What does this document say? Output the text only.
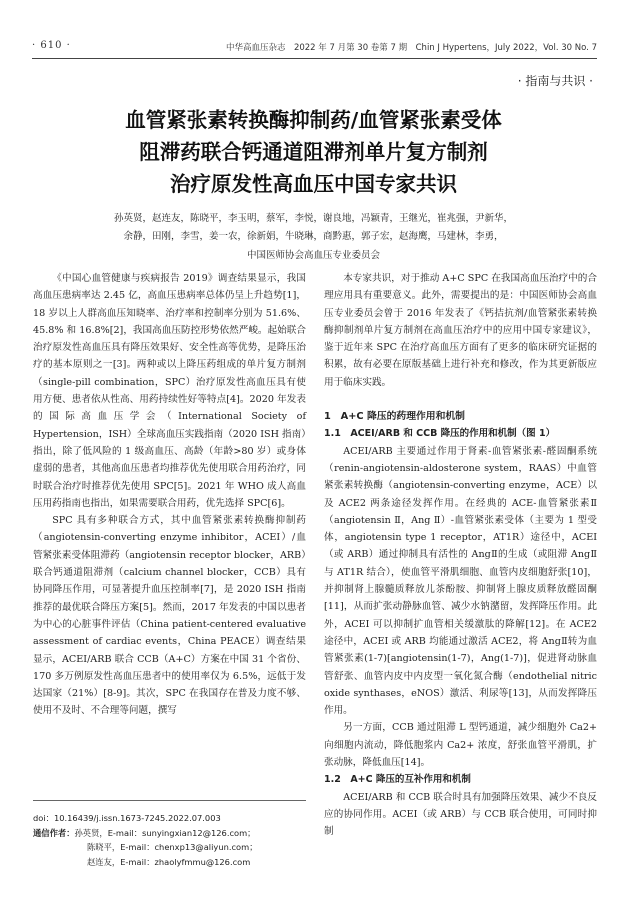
· 610 ·	中华高血压杂志　2022 年 7 月第 30 卷第 7 期　Chin J Hypertens，July 2022，Vol. 30 No. 7
· 指南与共识 ·
血管紧张素转换酶抑制药/血管紧张素受体
阻滞药联合钙通道阻滞剂单片复方制剂
治疗原发性高血压中国专家共识
孙英贤，赵连友，陈晓平，李玉明，蔡军，李悦，谢良地，冯颖青，王继光，崔兆强，尹新华，
余静，田刚，李雪，姜一农，徐新娟，牛晓琳，商黔惠，郭子宏，赵海鹰，马建林，李勇，
中国医师协会高血压专业委员会

《中国心血管健康与疾病报告 2019》调查结果显示，我国高血压患病率达 2.45 亿，高血压患病率总体仍呈上升趋势[1]，18 岁以上人群高血压知晓率、治疗率和控制率分别为 51.6%、45.8% 和 16.8%[2]，我国高血压防控形势依然严峻。起始联合治疗原发性高血压具有降压效果好、安全性高等优势，是降压治疗的基本原则之一[3]。两种或以上降压药组成的单片复方制剂（single-pill combination，SPC）治疗原发性高血压具有使用方便、患者依从性高、用药持续性好等特点[4]。2020 年发表的国际高血压学会（International Society of Hypertension，ISH）全球高血压实践指南（2020 ISH 指南）指出，除了低风险的 1 级高血压、高龄（年龄>80 岁）或身体虚弱的患者，其他高血压患者均推荐优先使用联合用药治疗，同时联合治疗时推荐优先使用 SPC[5]。2021 年 WHO 成人高血压用药指南也指出，如果需要联合用药，优先选择 SPC[6]。

SPC 具有多种联合方式，其中血管紧张素转换酶抑制药（angiotensin-converting enzyme inhibitor，ACEI）/血管紧张素受体阻滞药（angiotensin receptor blocker，ARB）联合钙通道阻滞剂（calcium channel blocker，CCB）具有协同降压作用，可显著提升血压控制率[7]，是 2020 ISH 指南推荐的最优联合降压方案[5]。然而，2017 年发表的中国以患者为中心的心脏事件评估（China patient-centered evaluative assessment of cardiac events，China PEACE）调查结果显示，ACEI/ARB 联合 CCB（A+C）方案在中国 31 个省份、170 多万例原发性高血压患者中的使用率仅为 6.5%，远低于发达国家（21%）[8-9]。其次，SPC 在我国存在普及力度不够、使用不及时、不合理等问题，撰写

本专家共识，对于推动 A+C SPC 在我国高血压治疗中的合理应用具有重要意义。此外，需要提出的是：中国医师协会高血压专业委员会曾于 2016 年发表了《钙拮抗剂/血管紧张素转换酶抑制剂单片复方制剂在高血压治疗中的应用中国专家建议》，鉴于近年来 SPC 在治疗高血压方面有了更多的临床研究证据的积累，故有必要在原版基础上进行补充和修改，作为其更新版应用于临床实践。

1　A+C 降压的药理作用和机制
1.1　ACEI/ARB 和 CCB 降压的作用和机制（图 1）

ACEI/ARB 主要通过作用于肾素-血管紧张素-醛固酮系统（renin-angiotensin-aldosterone system，RAAS）中血管紧张素转换酶（angiotensin-converting enzyme，ACE）以及 ACE2 两条途径发挥作用。在经典的 ACE-血管紧张素Ⅱ（angiotensin Ⅱ，Ang Ⅱ）-血管紧张素受体（主要为 1 型受体，angiotensin type 1 receptor，AT1R）途径中，ACEI（或 ARB）通过抑制具有活性的 AngⅡ的生成（或阻滞 AngⅡ与 AT1R 结合），使血管平滑肌细胞、血管内皮细胞舒张[10]，并抑制肾上腺髓质释放儿茶酚胺、抑制肾上腺皮质释放醛固酮[11]，从而扩张动静脉血管、减少水钠潴留，发挥降压作用。此外，ACEI 可以抑制扩血管相关缓激肽的降解[12]。在 ACE2 途径中，ACEI 或 ARB 均能通过激活 ACE2，将 AngⅡ转为血管紧张素(1-7)[angiotensin(1-7)，Ang(1-7)]，促进肾动脉血管舒张、血管内皮中内皮型一氧化氮合酶（endothelial nitric oxide synthases，eNOS）激活、利尿等[13]，从而发挥降压作用。

另一方面，CCB 通过阻滞 L 型钙通道，减少细胞外 Ca2+ 向细胞内流动，降低胞浆内 Ca2+ 浓度，舒张血管平滑肌，扩张动脉，降低血压[14]。

1.2　A+C 降压的互补作用和机制

ACEI/ARB 和 CCB 联合时具有加强降压效果、减少不良反应的协同作用。ACEI（或 ARB）与 CCB 联合使用，可同时抑制

doi：10.16439/j.issn.1673-7245.2022.07.003
通信作者：孙英贤，E-mail：sunyingxian12@126.com；
陈晓平，E-mail：chenxp13@aliyun.com；
赵连友，E-mail：zhaolyfmmu@126.com
